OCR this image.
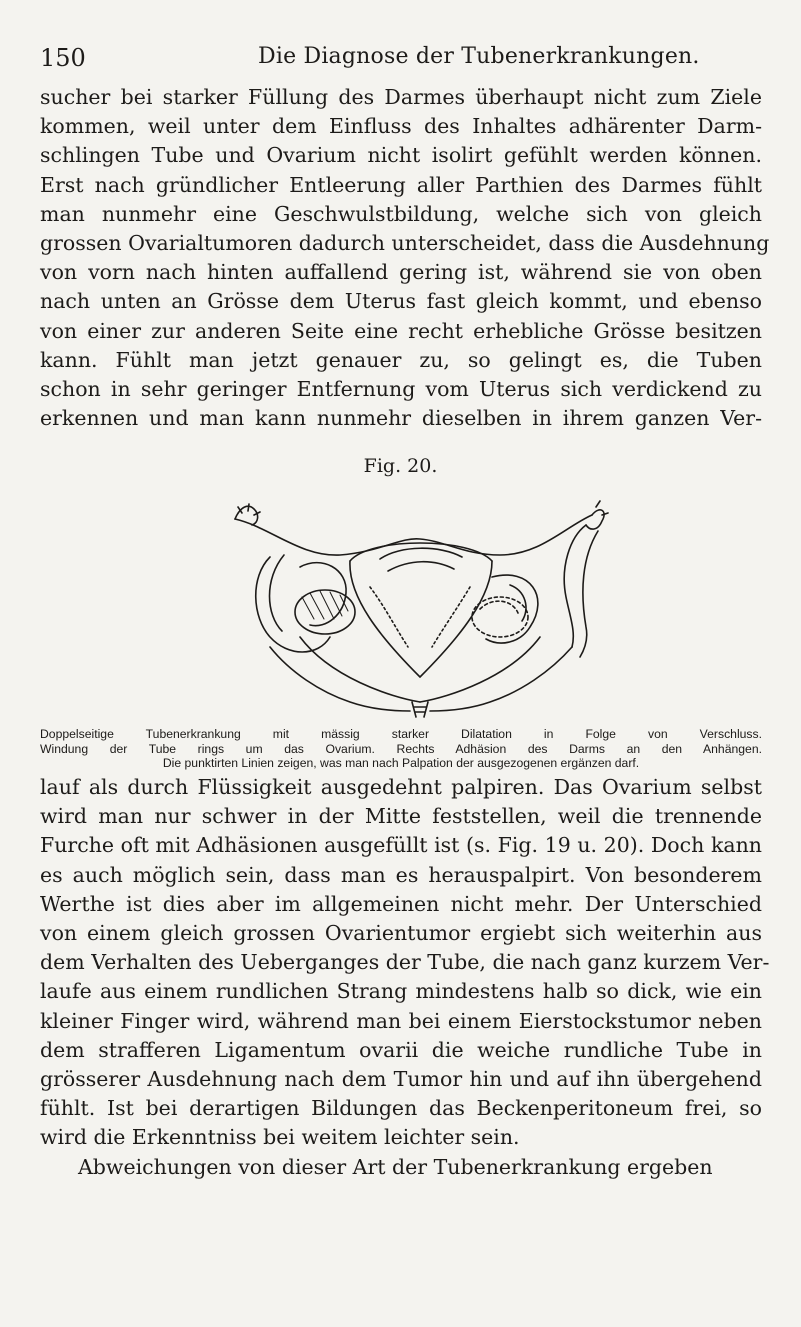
150	Die Diagnose der Tubenerkrankungen.
sucher bei starker Füllung des Darmes überhaupt nicht zum Ziele
kommen, weil unter dem Einfluss des Inhaltes adhärenter Darm-
schlingen Tube und Ovarium nicht isolirt gefühlt werden können.
Erst nach gründlicher Entleerung aller Parthien des Darmes fühlt
man nunmehr eine Geschwulstbildung, welche sich von gleich
grossen Ovarialtumoren dadurch unterscheidet, dass die Ausdehnung
von vorn nach hinten auffallend gering ist, während sie von oben
nach unten an Grösse dem Uterus fast gleich kommt, und ebenso
von einer zur anderen Seite eine recht erhebliche Grösse besitzen
kann. Fühlt man jetzt genauer zu, so gelingt es, die Tuben
schon in sehr geringer Entfernung vom Uterus sich verdickend zu
erkennen und man kann nunmehr dieselben in ihrem ganzen Ver-
Fig. 20.
Doppelseitige Tubenerkrankung mit mässig starker Dilatation in Folge von Verschluss.
Windung der Tube rings um das Ovarium. Rechts Adhäsion des Darms an den Anhängen.
Die punktirten Linien zeigen, was man nach Palpation der ausgezogenen ergänzen darf.
lauf als durch Flüssigkeit ausgedehnt palpiren. Das Ovarium selbst
wird man nur schwer in der Mitte feststellen, weil die trennende
Furche oft mit Adhäsionen ausgefüllt ist (s. Fig. 19 u. 20). Doch kann
es auch möglich sein, dass man es herauspalpirt. Von besonderem
Werthe ist dies aber im allgemeinen nicht mehr. Der Unterschied
von einem gleich grossen Ovarientumor ergiebt sich weiterhin aus
dem Verhalten des Ueberganges der Tube, die nach ganz kurzem Ver-
laufe aus einem rundlichen Strang mindestens halb so dick, wie ein
kleiner Finger wird, während man bei einem Eierstockstumor neben
dem strafferen Ligamentum ovarii die weiche rundliche Tube in
grösserer Ausdehnung nach dem Tumor hin und auf ihn übergehend
fühlt. Ist bei derartigen Bildungen das Beckenperitoneum frei, so
wird die Erkenntniss bei weitem leichter sein.
Abweichungen von dieser Art der Tubenerkrankung ergeben
